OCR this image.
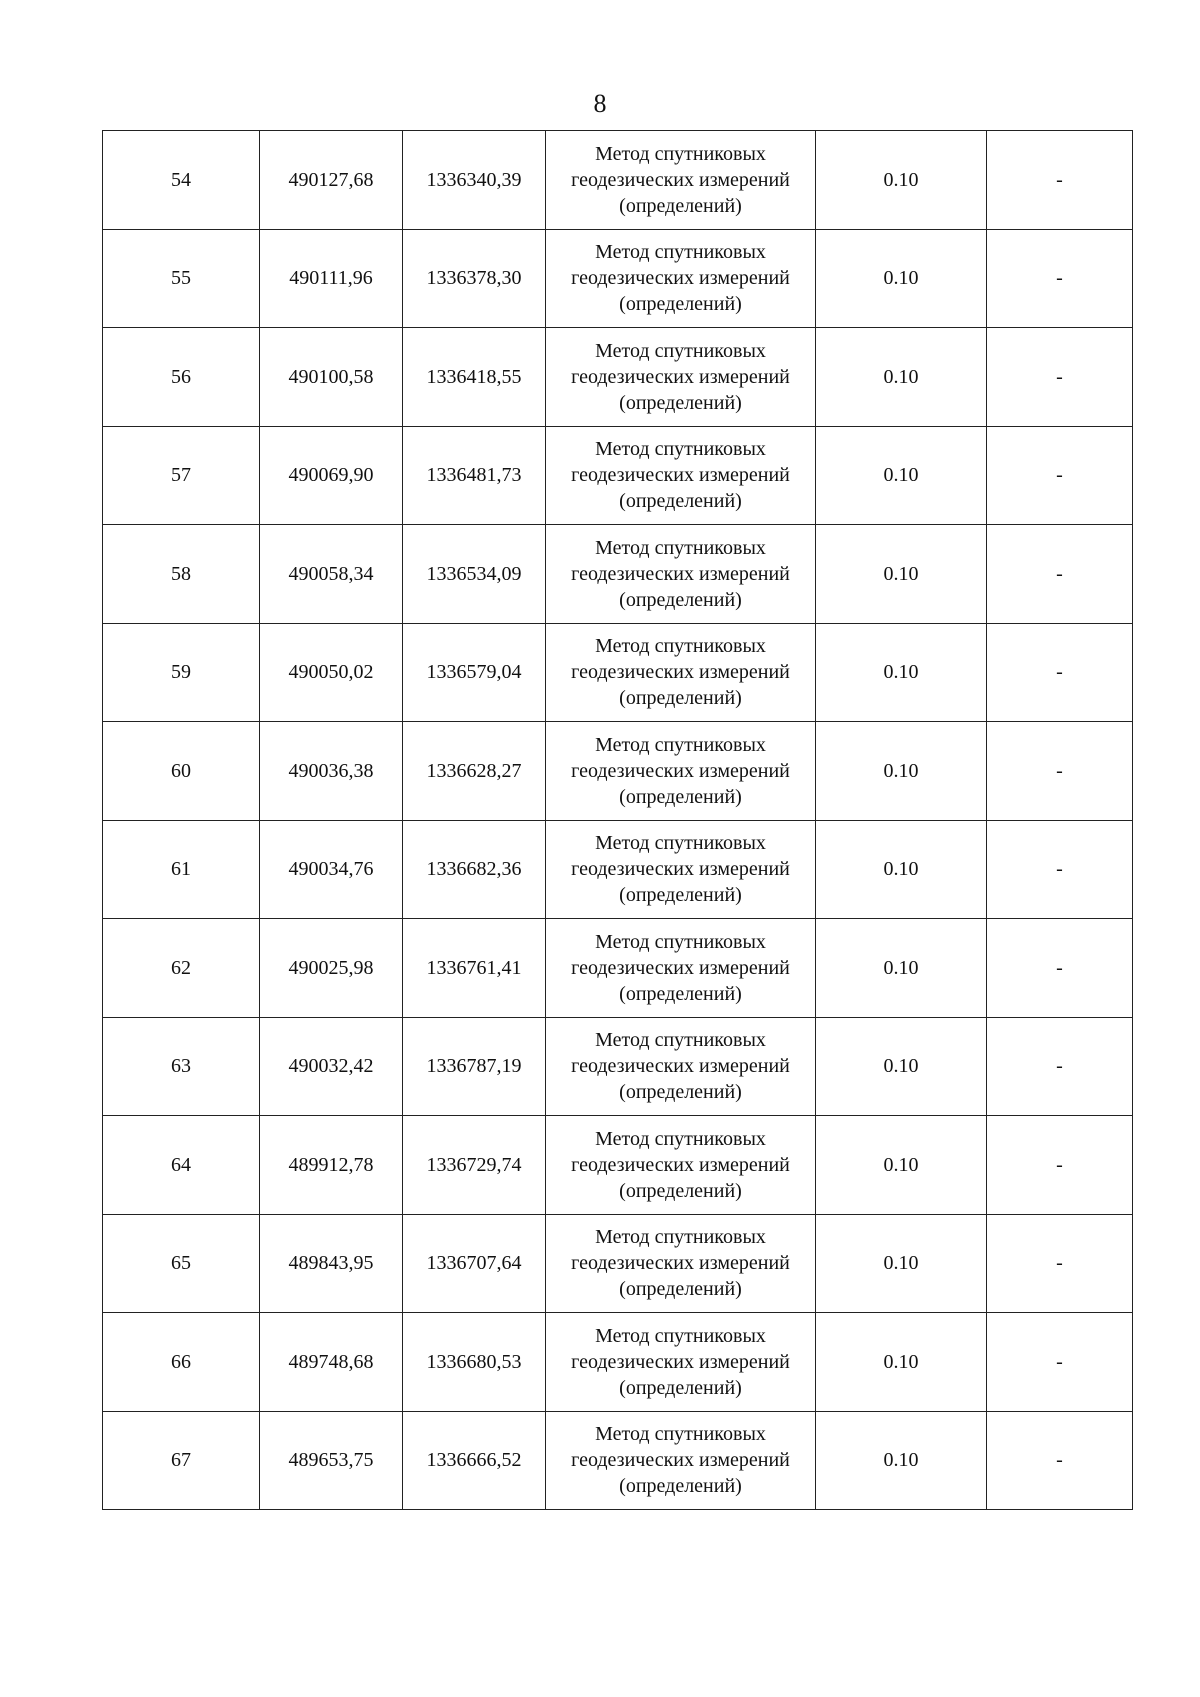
8
54	490127,68	1336340,39	Метод спутниковых геодезических измерений (определений)	0.10	-
55	490111,96	1336378,30	Метод спутниковых геодезических измерений (определений)	0.10	-
56	490100,58	1336418,55	Метод спутниковых геодезических измерений (определений)	0.10	-
57	490069,90	1336481,73	Метод спутниковых геодезических измерений (определений)	0.10	-
58	490058,34	1336534,09	Метод спутниковых геодезических измерений (определений)	0.10	-
59	490050,02	1336579,04	Метод спутниковых геодезических измерений (определений)	0.10	-
60	490036,38	1336628,27	Метод спутниковых геодезических измерений (определений)	0.10	-
61	490034,76	1336682,36	Метод спутниковых геодезических измерений (определений)	0.10	-
62	490025,98	1336761,41	Метод спутниковых геодезических измерений (определений)	0.10	-
63	490032,42	1336787,19	Метод спутниковых геодезических измерений (определений)	0.10	-
64	489912,78	1336729,74	Метод спутниковых геодезических измерений (определений)	0.10	-
65	489843,95	1336707,64	Метод спутниковых геодезических измерений (определений)	0.10	-
66	489748,68	1336680,53	Метод спутниковых геодезических измерений (определений)	0.10	-
67	489653,75	1336666,52	Метод спутниковых геодезических измерений (определений)	0.10	-
